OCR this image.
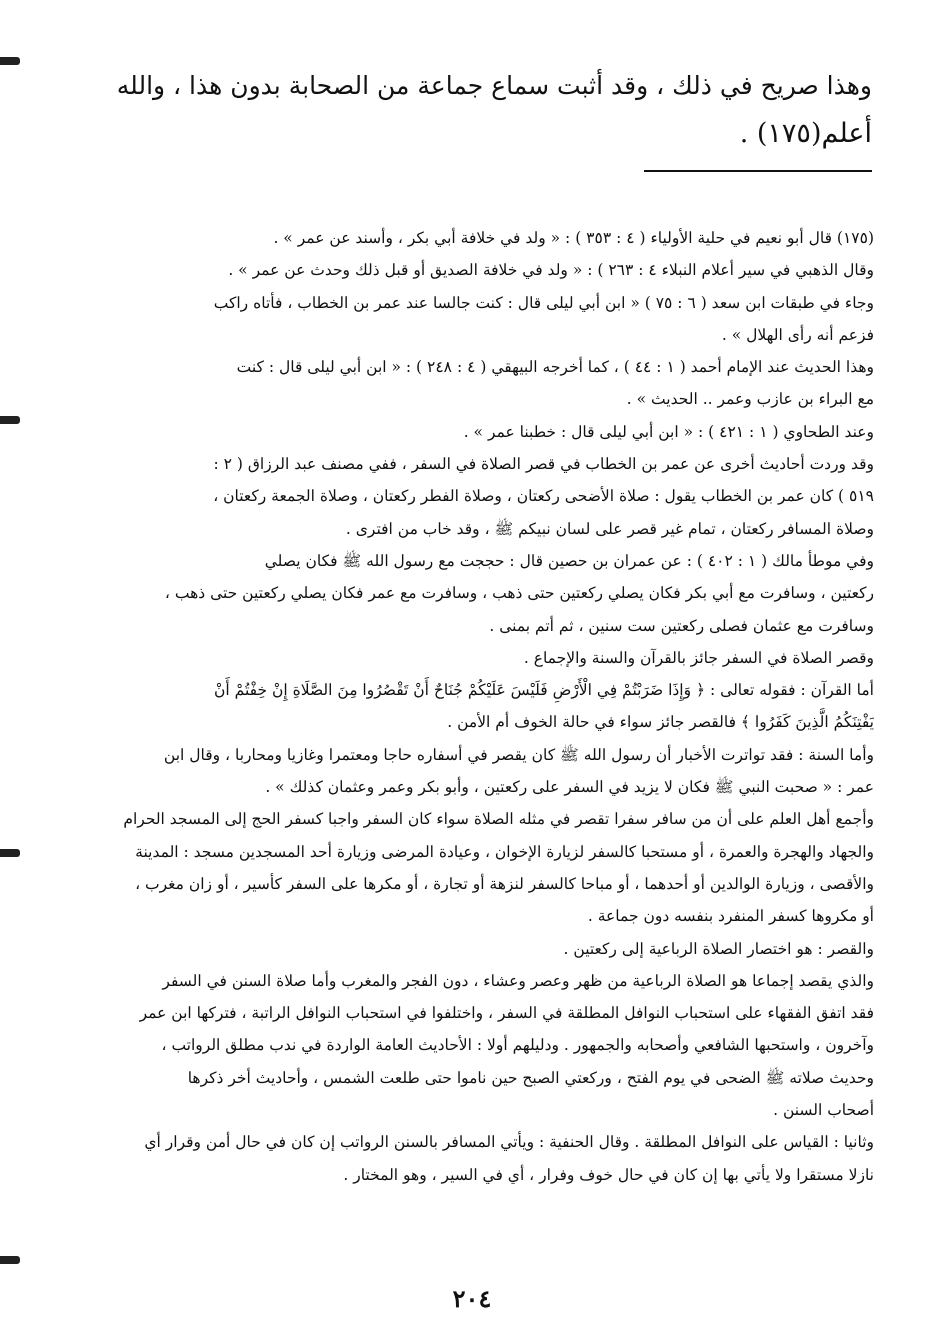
وهذا صريح في ذلك ، وقد أثبت سماع جماعة من الصحابة بدون هذا ، والله
أعلم(١٧٥) .
(١٧٥) قال أبو نعيم في حلية الأولياء ( ٤ : ٣٥٣ ) : « ولد في خلافة أبي بكر ، وأسند عن عمر » .
وقال الذهبي في سير أعلام النبلاء ٤ : ٢٦٣ ) : « ولد في خلافة الصديق أو قبل ذلك وحدث عن عمر » .
وجاء في طبقات ابن سعد ( ٦ : ٧٥ ) « ابن أبي ليلى قال : كنت جالسا عند عمر بن الخطاب ، فأتاه راكب
فزعم أنه رأى الهلال » .
وهذا الحديث عند الإمام أحمد ( ١ : ٤٤ ) ، كما أخرجه البيهقي ( ٤ : ٢٤٨ ) : « ابن أبي ليلى قال : كنت
مع البراء بن عازب وعمر .. الحديث » .
وعند الطحاوي ( ١ : ٤٢١ ) : « ابن أبي ليلى قال : خطبنا عمر » .
وقد وردت أحاديث أخرى عن عمر بن الخطاب في قصر الصلاة في السفر ، ففي مصنف عبد الرزاق ( ٢ :
٥١٩ ) كان عمر بن الخطاب يقول : صلاة الأضحى ركعتان ، وصلاة الفطر ركعتان ، وصلاة الجمعة ركعتان ،
وصلاة المسافر ركعتان ، تمام غير قصر على لسان نبيكم ﷺ ، وقد خاب من افترى .
وفي موطأ مالك ( ١ : ٤٠٢ ) : عن عمران بن حصين قال : حججت مع رسول الله ﷺ فكان يصلي
ركعتين ، وسافرت مع أبي بكر فكان يصلي ركعتين حتى ذهب ، وسافرت مع عمر فكان يصلي ركعتين حتى ذهب ،
وسافرت مع عثمان فصلى ركعتين ست سنين ، ثم أتم بمنى .
وقصر الصلاة في السفر جائز بالقرآن والسنة والإجماع .
أما القرآن : فقوله تعالى : ﴿ وَإِذَا ضَرَبْتُمْ فِي الْأَرْضِ فَلَيْسَ عَلَيْكُمْ جُنَاحٌ أَنْ تَقْصُرُوا مِنَ الصَّلَاةِ إِنْ خِفْتُمْ أَنْ
يَفْتِنَكُمُ الَّذِينَ كَفَرُوا ﴾ فالقصر جائز سواء في حالة الخوف أم الأمن .
وأما السنة : فقد تواترت الأخبار أن رسول الله ﷺ كان يقصر في أسفاره حاجا ومعتمرا وغازيا ومحاربا ، وقال ابن
عمر : « صحبت النبي ﷺ فكان لا يزيد في السفر على ركعتين ، وأبو بكر وعمر وعثمان كذلك » .
وأجمع أهل العلم على أن من سافر سفرا تقصر في مثله الصلاة سواء كان السفر واجبا كسفر الحج إلى المسجد الحرام
والجهاد والهجرة والعمرة ، أو مستحبا كالسفر لزيارة الإخوان ، وعيادة المرضى وزيارة أحد المسجدين مسجد : المدينة
والأقصى ، وزيارة الوالدين أو أحدهما ، أو مباحا كالسفر لنزهة أو تجارة ، أو مكرها على السفر كأسير ، أو زان مغرب ،
أو مكروها كسفر المنفرد بنفسه دون جماعة .
والقصر : هو اختصار الصلاة الرباعية إلى ركعتين .
والذي يقصد إجماعا هو الصلاة الرباعية من ظهر وعصر وعشاء ، دون الفجر والمغرب وأما صلاة السنن في السفر
فقد اتفق الفقهاء على استحباب النوافل المطلقة في السفر ، واختلفوا في استحباب النوافل الراتبة ، فتركها ابن عمر
وآخرون ، واستحبها الشافعي وأصحابه والجمهور . ودليلهم أولا : الأحاديث العامة الواردة في ندب مطلق الرواتب ،
وحديث صلاته ﷺ الضحى في يوم الفتح ، وركعتي الصبح حين ناموا حتى طلعت الشمس ، وأحاديث أخر ذكرها
أصحاب السنن .
وثانيا : القياس على النوافل المطلقة . وقال الحنفية : ويأتي المسافر بالسنن الرواتب إن كان في حال أمن وقرار أي
نازلا مستقرا ولا يأتي بها إن كان في حال خوف وفرار ، أي في السير ، وهو المختار .
٢٠٤
